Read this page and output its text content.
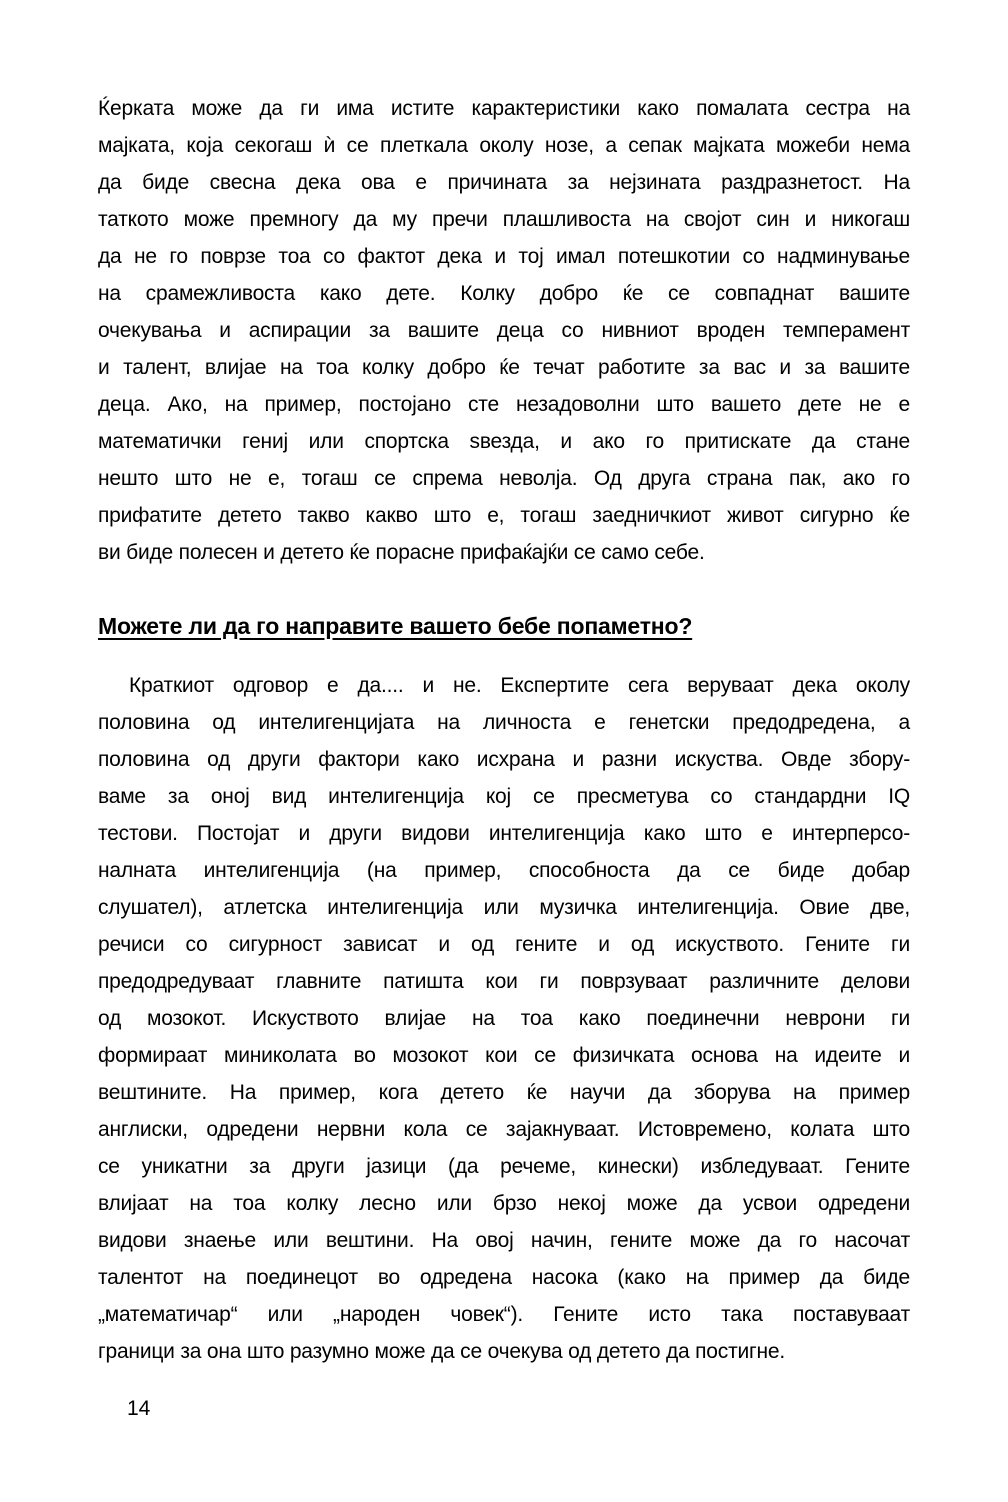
Ќерката може да ги има истите карактеристики како помалата сестра на
мајката, која секогаш ѝ се плеткала околу нозе, а сепак мајката можеби нема
да биде свесна дека ова е причината за нејзината раздразнетост. На
таткото може премногу да му пречи плашливоста на својот син и никогаш
да не го поврзе тоа со фактот дека и тој имал потешкотии со надминување
на срамежливоста како дете. Колку добро ќе се совпаднат вашите
очекувања и аспирации за вашите деца со нивниот вроден темперамент
и талент, влијае на тоа колку добро ќе течат работите за вас и за вашите
деца. Ако, на пример, постојано сте незадоволни што вашето дете не е
математички гениј или спортска ѕвезда, и ако го притискате да стане
нешто што не е, тогаш се спрема неволја. Од друга страна пак, ако го
прифатите детето такво какво што е, тогаш заедничкиот живот сигурно ќе
ви биде полесен и детето ќе порасне прифаќајќи се само себе.
Можете ли да го направите вашето бебе попаметно?
Краткиот одговор е да.... и не. Експертите сега веруваат дека околу
половина од интелигенцијата на личноста е генетски предодредена, а
половина од други фактори како исхрана и разни искуства. Овде збору-
ваме за оној вид интелигенција кој се пресметува со стандардни IQ
тестови. Постојат и други видови интелигенција како што е интерперсо-
налната интелигенција (на пример, способноста да се биде добар
слушател), атлетска интелигенција или музичка интелигенција. Овие две,
речиси со сигурност зависат и од гените и од искуството. Гените ги
предодредуваат главните патишта кои ги поврзуваат различните делови
од мозокот. Искуството влијае на тоа како поединечни неврони ги
формираат миниколата во мозокот кои се физичката основа на идеите и
вештините. На пример, кога детето ќе научи да зборува на пример
англиски, одредени нервни кола се зајакнуваат. Истовремено, колата што
се уникатни за други јазици (да речеме, кинески) избледуваат. Гените
влијаат на тоа колку лесно или брзо некој може да усвои одредени
видови знаење или вештини. На овој начин, гените може да го насочат
талентот на поединецот во одредена насока (како на пример да биде
„математичар“ или „народен човек“). Гените исто така поставуваат
граници за она што разумно може да се очекува од детето да постигне.
14
